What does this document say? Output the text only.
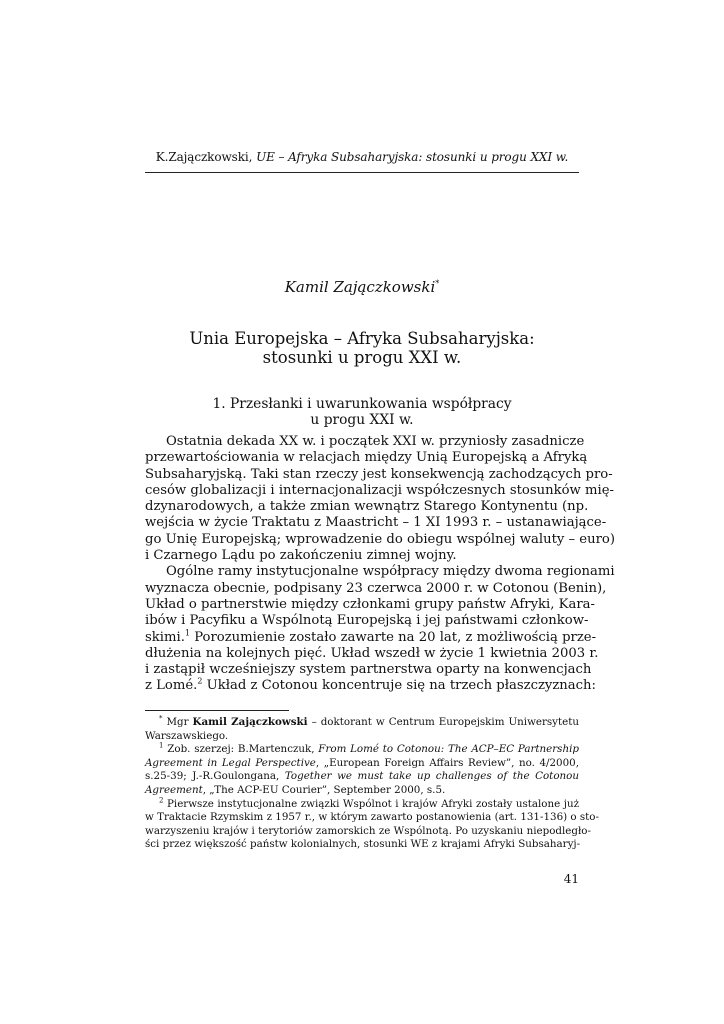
K.Zajączkowski, UE – Afryka Subsaharyjska: stosunki u progu XXI w.
Kamil Zajączkowski*
Unia Europejska – Afryka Subsaharyjska:
stosunki u progu XXI w.
1. Przesłanki i uwarunkowania współpracy
u progu XXI w.
Ostatnia dekada XX w. i początek XXI w. przyniosły zasadnicze
przewartościowania w relacjach między Unią Europejską a Afryką
Subsaharyjską. Taki stan rzeczy jest konsekwencją zachodzących pro-
cesów globalizacji i internacjonalizacji współczesnych stosunków mię-
dzynarodowych, a także zmian wewnątrz Starego Kontynentu (np.
wejścia w życie Traktatu z Maastricht – 1 XI 1993 r. – ustanawiające-
go Unię Europejską; wprowadzenie do obiegu wspólnej waluty – euro)
i Czarnego Lądu po zakończeniu zimnej wojny.
Ogólne ramy instytucjonalne współpracy między dwoma regionami
wyznacza obecnie, podpisany 23 czerwca 2000 r. w Cotonou (Benin),
Układ o partnerstwie między członkami grupy państw Afryki, Kara-
ibów i Pacyfiku a Wspólnotą Europejską i jej państwami członkow-
skimi.$^1$ Porozumienie zostało zawarte na 20 lat, z możliwością prze-
dłużenia na kolejnych pięć. Układ wszedł w życie 1 kwietnia 2003 r.
i zastąpił wcześniejszy system partnerstwa oparty na konwencjach
z Lomé.$^2$ Układ z Cotonou koncentruje się na trzech płaszczyznach:
* Mgr Kamil Zajączkowski – doktorant w Centrum Europejskim Uniwersytetu
Warszawskiego.
$^1$ Zob. szerzej: B.Martenczuk, From Lomé to Cotonou: The ACP–EC Partnership
Agreement in Legal Perspective, „European Foreign Affairs Review”, no. 4/2000,
s.25-39; J.-R.Goulongana, Together we must take up challenges of the Cotonou
Agreement, „The ACP-EU Courier”, September 2000, s.5.
$^2$ Pierwsze instytucjonalne związki Wspólnot i krajów Afryki zostały ustalone już
w Traktacie Rzymskim z 1957 r., w którym zawarto postanowienia (art. 131-136) o sto-
warzyszeniu krajów i terytoriów zamorskich ze Wspólnotą. Po uzyskaniu niepodległo-
ści przez większość państw kolonialnych, stosunki WE z krajami Afryki Subsaharyj-
41
